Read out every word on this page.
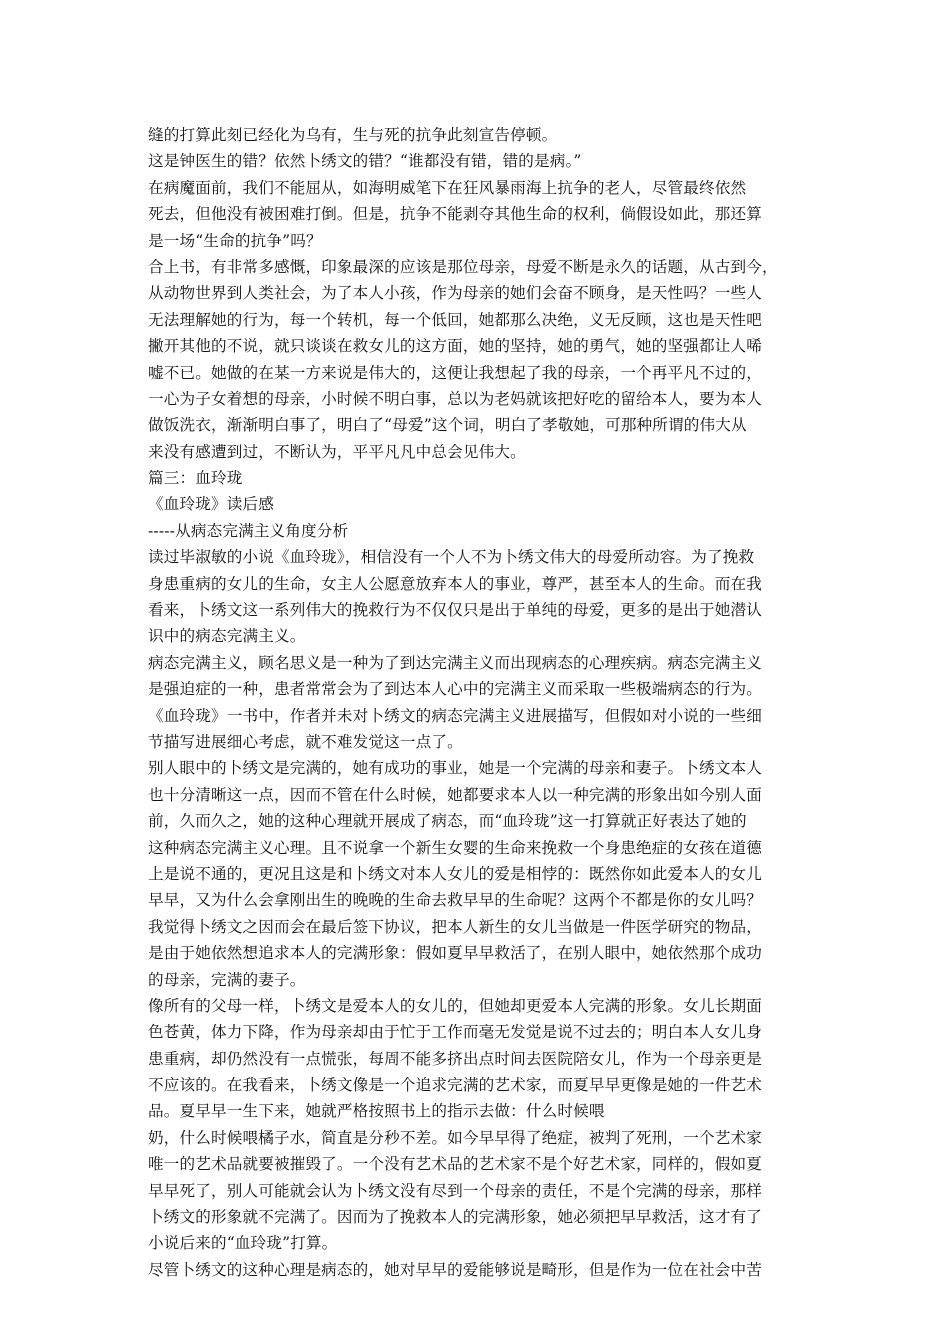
缝的打算此刻已经化为乌有，生与死的抗争此刻宣告停顿。
这是钟医生的错？依然卜绣文的错？“谁都没有错，错的是病。”
在病魔面前，我们不能屈从，如海明威笔下在狂风暴雨海上抗争的老人，尽管最终依然
死去，但他没有被困难打倒。但是，抗争不能剥夺其他生命的权利，倘假设如此，那还算
是一场“生命的抗争”吗？
合上书，有非常多感慨，印象最深的应该是那位母亲，母爱不断是永久的话题，从古到今，
从动物世界到人类社会，为了本人小孩，作为母亲的她们会奋不顾身，是天性吗？一些人
无法理解她的行为，每一个转机，每一个低回，她都那么决绝，义无反顾，这也是天性吧
撇开其他的不说，就只谈谈在救女儿的这方面，她的坚持，她的勇气，她的坚强都让人唏
嘘不已。她做的在某一方来说是伟大的，这便让我想起了我的母亲，一个再平凡不过的，
一心为子女着想的母亲，小时候不明白事，总以为老妈就该把好吃的留给本人，要为本人
做饭洗衣，渐渐明白事了，明白了“母爱”这个词，明白了孝敬她，可那种所谓的伟大从
来没有感遭到过，不断认为，平平凡凡中总会见伟大。
篇三：血玲珑
《血玲珑》读后感
-----从病态完满主义角度分析
读过毕淑敏的小说《血玲珑》，相信没有一个人不为卜绣文伟大的母爱所动容。为了挽救
身患重病的女儿的生命，女主人公愿意放弃本人的事业，尊严，甚至本人的生命。而在我
看来，卜绣文这一系列伟大的挽救行为不仅仅只是出于单纯的母爱，更多的是出于她潜认
识中的病态完满主义。
病态完满主义，顾名思义是一种为了到达完满主义而出现病态的心理疾病。病态完满主义
是强迫症的一种，患者常常会为了到达本人心中的完满主义而采取一些极端病态的行为。
《血玲珑》一书中，作者并未对卜绣文的病态完满主义进展描写，但假如对小说的一些细
节描写进展细心考虑，就不难发觉这一点了。
别人眼中的卜绣文是完满的，她有成功的事业，她是一个完满的母亲和妻子。卜绣文本人
也十分清晰这一点，因而不管在什么时候，她都要求本人以一种完满的形象出如今别人面
前，久而久之，她的这种心理就开展成了病态，而“血玲珑”这一打算就正好表达了她的
这种病态完满主义心理。且不说拿一个新生女婴的生命来挽救一个身患绝症的女孩在道德
上是说不通的，更况且这是和卜绣文对本人女儿的爱是相悖的：既然你如此爱本人的女儿
早早，又为什么会拿刚出生的晚晚的生命去救早早的生命呢？这两个不都是你的女儿吗？
我觉得卜绣文之因而会在最后签下协议，把本人新生的女儿当做是一件医学研究的物品，
是由于她依然想追求本人的完满形象：假如夏早早救活了，在别人眼中，她依然那个成功
的母亲，完满的妻子。
像所有的父母一样，卜绣文是爱本人的女儿的，但她却更爱本人完满的形象。女儿长期面
色苍黄，体力下降，作为母亲却由于忙于工作而毫无发觉是说不过去的；明白本人女儿身
患重病，却仍然没有一点慌张，每周不能多挤出点时间去医院陪女儿，作为一个母亲更是
不应该的。在我看来，卜绣文像是一个追求完满的艺术家，而夏早早更像是她的一件艺术
品。夏早早一生下来，她就严格按照书上的指示去做：什么时候喂
奶，什么时候喂橘子水，简直是分秒不差。如今早早得了绝症，被判了死刑，一个艺术家
唯一的艺术品就要被摧毁了。一个没有艺术品的艺术家不是个好艺术家，同样的，假如夏
早早死了，别人可能就会认为卜绣文没有尽到一个母亲的责任，不是个完满的母亲，那样
卜绣文的形象就不完满了。因而为了挽救本人的完满形象，她必须把早早救活，这才有了
小说后来的“血玲珑”打算。
尽管卜绣文的这种心理是病态的，她对早早的爱能够说是畸形，但是作为一位在社会中苦
